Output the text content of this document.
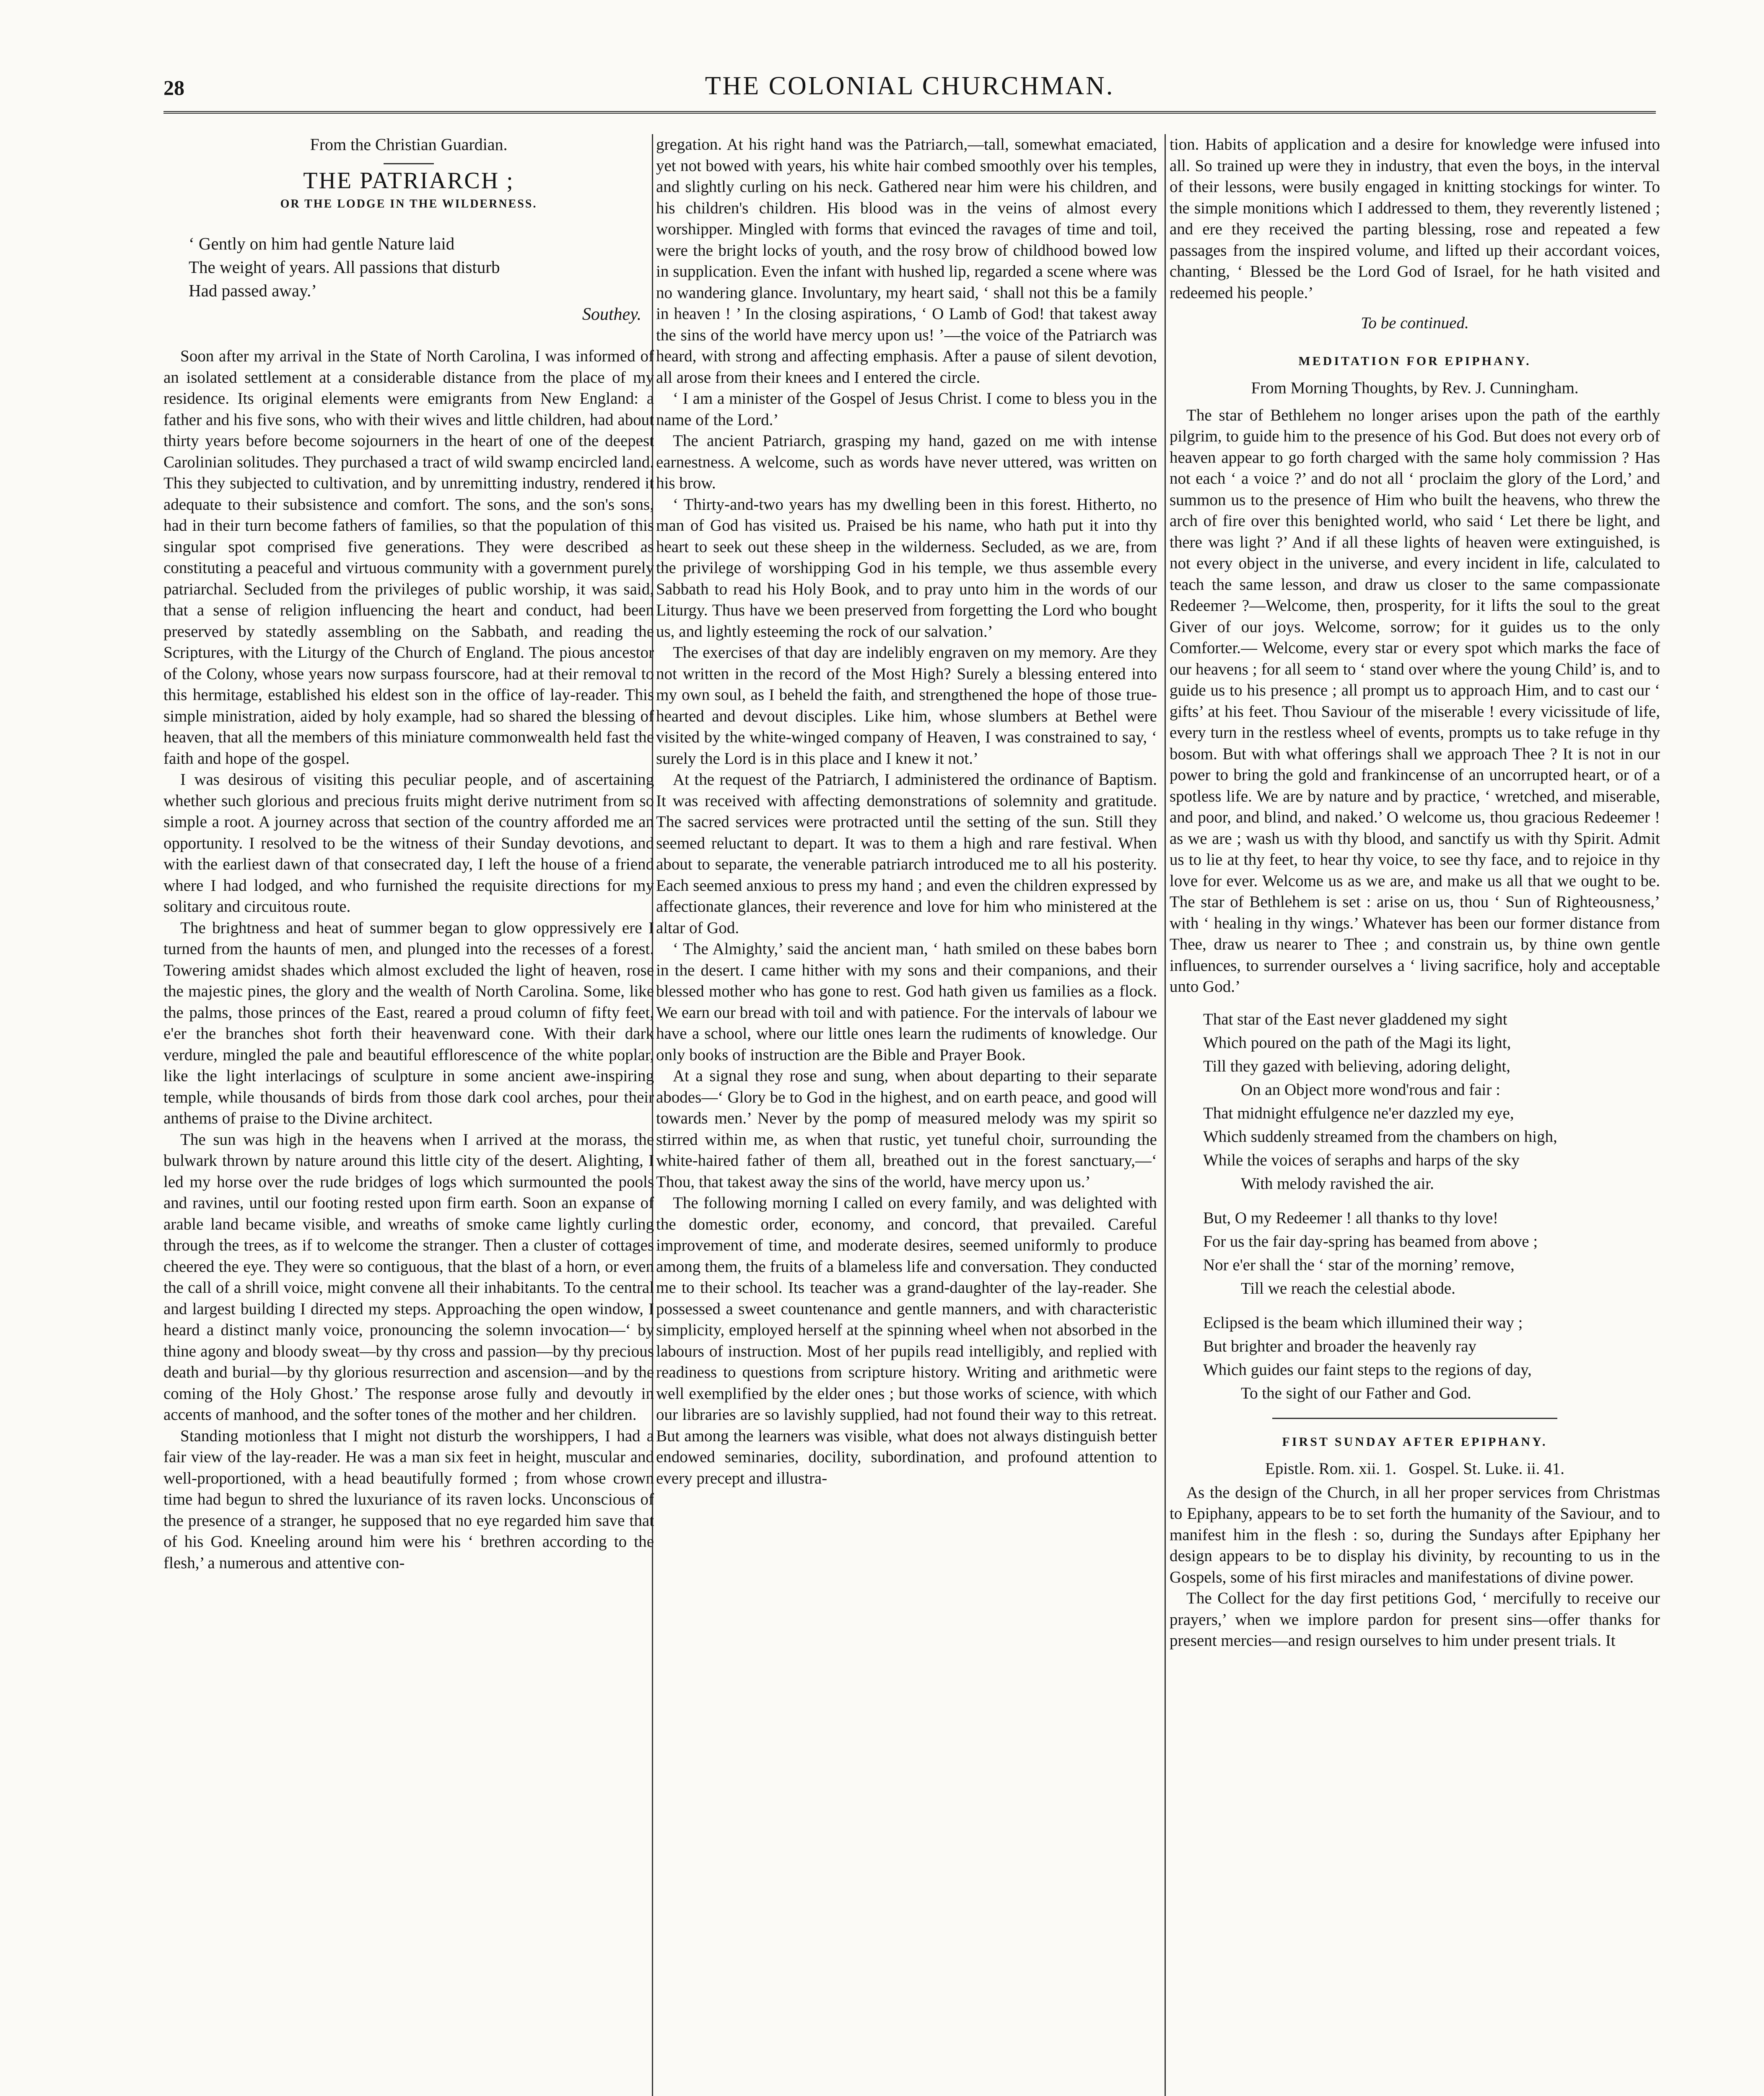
28	THE COLONIAL CHURCHMAN.
From the Christian Guardian.
THE PATRIARCH ;
OR THE LODGE IN THE WILDERNESS.
‘ Gently on him had gentle Nature laid
The weight of years. All passions that disturb
Had passed away.’
Southey.

Soon after my arrival in the State of North Carolina, I was informed of an isolated settlement at a considerable distance from the place of my residence. Its original elements were emigrants from New England: a father and his five sons, who with their wives and little children, had about thirty years before become sojourners in the heart of one of the deepest Carolinian solitudes. They purchased a tract of wild swamp encircled land. This they subjected to cultivation, and by unremitting industry, rendered it adequate to their subsistence and comfort. The sons, and the son's sons, had in their turn become fathers of families, so that the population of this singular spot comprised five generations. They were described as constituting a peaceful and virtuous community with a government purely patriarchal. Secluded from the privileges of public worship, it was said, that a sense of religion influencing the heart and conduct, had been preserved by statedly assembling on the Sabbath, and reading the Scriptures, with the Liturgy of the Church of England. The pious ancestor of the Colony, whose years now surpass fourscore, had at their removal to this hermitage, established his eldest son in the office of lay-reader. This simple ministration, aided by holy example, had so shared the blessing of heaven, that all the members of this miniature commonwealth held fast the faith and hope of the gospel.

I was desirous of visiting this peculiar people, and of ascertaining whether such glorious and precious fruits might derive nutriment from so simple a root. A journey across that section of the country afforded me an opportunity. I resolved to be the witness of their Sunday devotions, and with the earliest dawn of that consecrated day, I left the house of a friend where I had lodged, and who furnished the requisite directions for my solitary and circuitous route.

The brightness and heat of summer began to glow oppressively ere I turned from the haunts of men, and plunged into the recesses of a forest. Towering amidst shades which almost excluded the light of heaven, rose the majestic pines, the glory and the wealth of North Carolina. Some, like the palms, those princes of the East, reared a proud column of fifty feet, e'er the branches shot forth their heavenward cone. With their dark verdure, mingled the pale and beautiful efflorescence of the white poplar, like the light interlacings of sculpture in some ancient awe-inspiring temple, while thousands of birds from those dark cool arches, pour their anthems of praise to the Divine architect.

The sun was high in the heavens when I arrived at the morass, the bulwark thrown by nature around this little city of the desert. Alighting, I led my horse over the rude bridges of logs which surmounted the pools and ravines, until our footing rested upon firm earth. Soon an expanse of arable land became visible, and wreaths of smoke came lightly curling through the trees, as if to welcome the stranger. Then a cluster of cottages cheered the eye. They were so contiguous, that the blast of a horn, or even the call of a shrill voice, might convene all their inhabitants. To the central and largest building I directed my steps. Approaching the open window, I heard a distinct manly voice, pronouncing the solemn invocation—‘ by thine agony and bloody sweat—by thy cross and passion—by thy precious death and burial—by thy glorious resurrection and ascension—and by the coming of the Holy Ghost.’ The response arose fully and devoutly in accents of manhood, and the softer tones of the mother and her children.

Standing motionless that I might not disturb the worshippers, I had a fair view of the lay-reader. He was a man six feet in height, muscular and well-proportioned, with a head beautifully formed ; from whose crown time had begun to shred the luxuriance of its raven locks. Unconscious of the presence of a stranger, he supposed that no eye regarded him save that of his God. Kneeling around him were his ‘ brethren according to the flesh,’ a numerous and attentive con-

gregation. At his right hand was the Patriarch,—tall, somewhat emaciated, yet not bowed with years, his white hair combed smoothly over his temples, and slightly curling on his neck. Gathered near him were his children, and his children's children. His blood was in the veins of almost every worshipper. Mingled with forms that evinced the ravages of time and toil, were the bright locks of youth, and the rosy brow of childhood bowed low in supplication. Even the infant with hushed lip, regarded a scene where was no wandering glance. Involuntary, my heart said, ‘ shall not this be a family in heaven ! ’ In the closing aspirations, ‘ O Lamb of God! that takest away the sins of the world have mercy upon us! ’—the voice of the Patriarch was heard, with strong and affecting emphasis. After a pause of silent devotion, all arose from their knees and I entered the circle.

‘ I am a minister of the Gospel of Jesus Christ. I come to bless you in the name of the Lord.’

The ancient Patriarch, grasping my hand, gazed on me with intense earnestness. A welcome, such as words have never uttered, was written on his brow.

‘ Thirty-and-two years has my dwelling been in this forest. Hitherto, no man of God has visited us. Praised be his name, who hath put it into thy heart to seek out these sheep in the wilderness. Secluded, as we are, from the privilege of worshipping God in his temple, we thus assemble every Sabbath to read his Holy Book, and to pray unto him in the words of our Liturgy. Thus have we been preserved from forgetting the Lord who bought us, and lightly esteeming the rock of our salvation.’

The exercises of that day are indelibly engraven on my memory. Are they not written in the record of the Most High? Surely a blessing entered into my own soul, as I beheld the faith, and strengthened the hope of those true-hearted and devout disciples. Like him, whose slumbers at Bethel were visited by the white-winged company of Heaven, I was constrained to say, ‘ surely the Lord is in this place and I knew it not.’

At the request of the Patriarch, I administered the ordinance of Baptism. It was received with affecting demonstrations of solemnity and gratitude. The sacred services were protracted until the setting of the sun. Still they seemed reluctant to depart. It was to them a high and rare festival. When about to separate, the venerable patriarch introduced me to all his posterity. Each seemed anxious to press my hand ; and even the children expressed by affectionate glances, their reverence and love for him who ministered at the altar of God.

‘ The Almighty,’ said the ancient man, ‘ hath smiled on these babes born in the desert. I came hither with my sons and their companions, and their blessed mother who has gone to rest. God hath given us families as a flock. We earn our bread with toil and with patience. For the intervals of labour we have a school, where our little ones learn the rudiments of knowledge. Our only books of instruction are the Bible and Prayer Book.

At a signal they rose and sung, when about departing to their separate abodes—‘ Glory be to God in the highest, and on earth peace, and good will towards men.’ Never by the pomp of measured melody was my spirit so stirred within me, as when that rustic, yet tuneful choir, surrounding the white-haired father of them all, breathed out in the forest sanctuary,—‘ Thou, that takest away the sins of the world, have mercy upon us.’

The following morning I called on every family, and was delighted with the domestic order, economy, and concord, that prevailed. Careful improvement of time, and moderate desires, seemed uniformly to produce among them, the fruits of a blameless life and conversation. They conducted me to their school. Its teacher was a grand-daughter of the lay-reader. She possessed a sweet countenance and gentle manners, and with characteristic simplicity, employed herself at the spinning wheel when not absorbed in the labours of instruction. Most of her pupils read intelligibly, and replied with readiness to questions from scripture history. Writing and arithmetic were well exemplified by the elder ones ; but those works of science, with which our libraries are so lavishly supplied, had not found their way to this retreat. But among the learners was visible, what does not always distinguish better endowed seminaries, docility, subordination, and profound attention to every precept and illustra-

tion. Habits of application and a desire for knowledge were infused into all. So trained up were they in industry, that even the boys, in the interval of their lessons, were busily engaged in knitting stockings for winter. To the simple monitions which I addressed to them, they reverently listened ; and ere they received the parting blessing, rose and repeated a few passages from the inspired volume, and lifted up their accordant voices, chanting, ‘ Blessed be the Lord God of Israel, for he hath visited and redeemed his people.’

To be continued.
MEDITATION FOR EPIPHANY.
From Morning Thoughts, by Rev. J. Cunningham.

The star of Bethlehem no longer arises upon the path of the earthly pilgrim, to guide him to the presence of his God. But does not every orb of heaven appear to go forth charged with the same holy commission ? Has not each ‘ a voice ?’ and do not all ‘ proclaim the glory of the Lord,’ and summon us to the presence of Him who built the heavens, who threw the arch of fire over this benighted world, who said ‘ Let there be light, and there was light ?’ And if all these lights of heaven were extinguished, is not every object in the universe, and every incident in life, calculated to teach the same lesson, and draw us closer to the same compassionate Redeemer ?—Welcome, then, prosperity, for it lifts the soul to the great Giver of our joys. Welcome, sorrow; for it guides us to the only Comforter.— Welcome, every star or every spot which marks the face of our heavens ; for all seem to ‘ stand over where the young Child’ is, and to guide us to his presence ; all prompt us to approach Him, and to cast our ‘ gifts’ at his feet. Thou Saviour of the miserable ! every vicissitude of life, every turn in the restless wheel of events, prompts us to take refuge in thy bosom. But with what offerings shall we approach Thee ? It is not in our power to bring the gold and frankincense of an uncorrupted heart, or of a spotless life. We are by nature and by practice, ‘ wretched, and miserable, and poor, and blind, and naked.’ O welcome us, thou gracious Redeemer ! as we are ; wash us with thy blood, and sanctify us with thy Spirit. Admit us to lie at thy feet, to hear thy voice, to see thy face, and to rejoice in thy love for ever. Welcome us as we are, and make us all that we ought to be. The star of Bethlehem is set : arise on us, thou ‘ Sun of Righteousness,’ with ‘ healing in thy wings.’ Whatever has been our former distance from Thee, draw us nearer to Thee ; and constrain us, by thine own gentle influences, to surrender ourselves a ‘ living sacrifice, holy and acceptable unto God.’

That star of the East never gladdened my sight
Which poured on the path of the Magi its light,
Till they gazed with believing, adoring delight,
On an Object more wond'rous and fair :
That midnight effulgence ne'er dazzled my eye,
Which suddenly streamed from the chambers on high,
While the voices of seraphs and harps of the sky
With melody ravished the air.
But, O my Redeemer ! all thanks to thy love!
For us the fair day-spring has beamed from above ;
Nor e'er shall the ‘ star of the morning’ remove,
Till we reach the celestial abode.
Eclipsed is the beam which illumined their way ;
But brighter and broader the heavenly ray
Which guides our faint steps to the regions of day,
To the sight of our Father and God.
FIRST SUNDAY AFTER EPIPHANY.
Epistle. Rom. xii. 1.   Gospel. St. Luke. ii. 41.

As the design of the Church, in all her proper services from Christmas to Epiphany, appears to be to set forth the humanity of the Saviour, and to manifest him in the flesh : so, during the Sundays after Epiphany her design appears to be to display his divinity, by recounting to us in the Gospels, some of his first miracles and manifestations of divine power.

The Collect for the day first petitions God, ‘ mercifully to receive our prayers,’ when we implore pardon for present sins—offer thanks for present mercies—and resign ourselves to him under present trials. It
